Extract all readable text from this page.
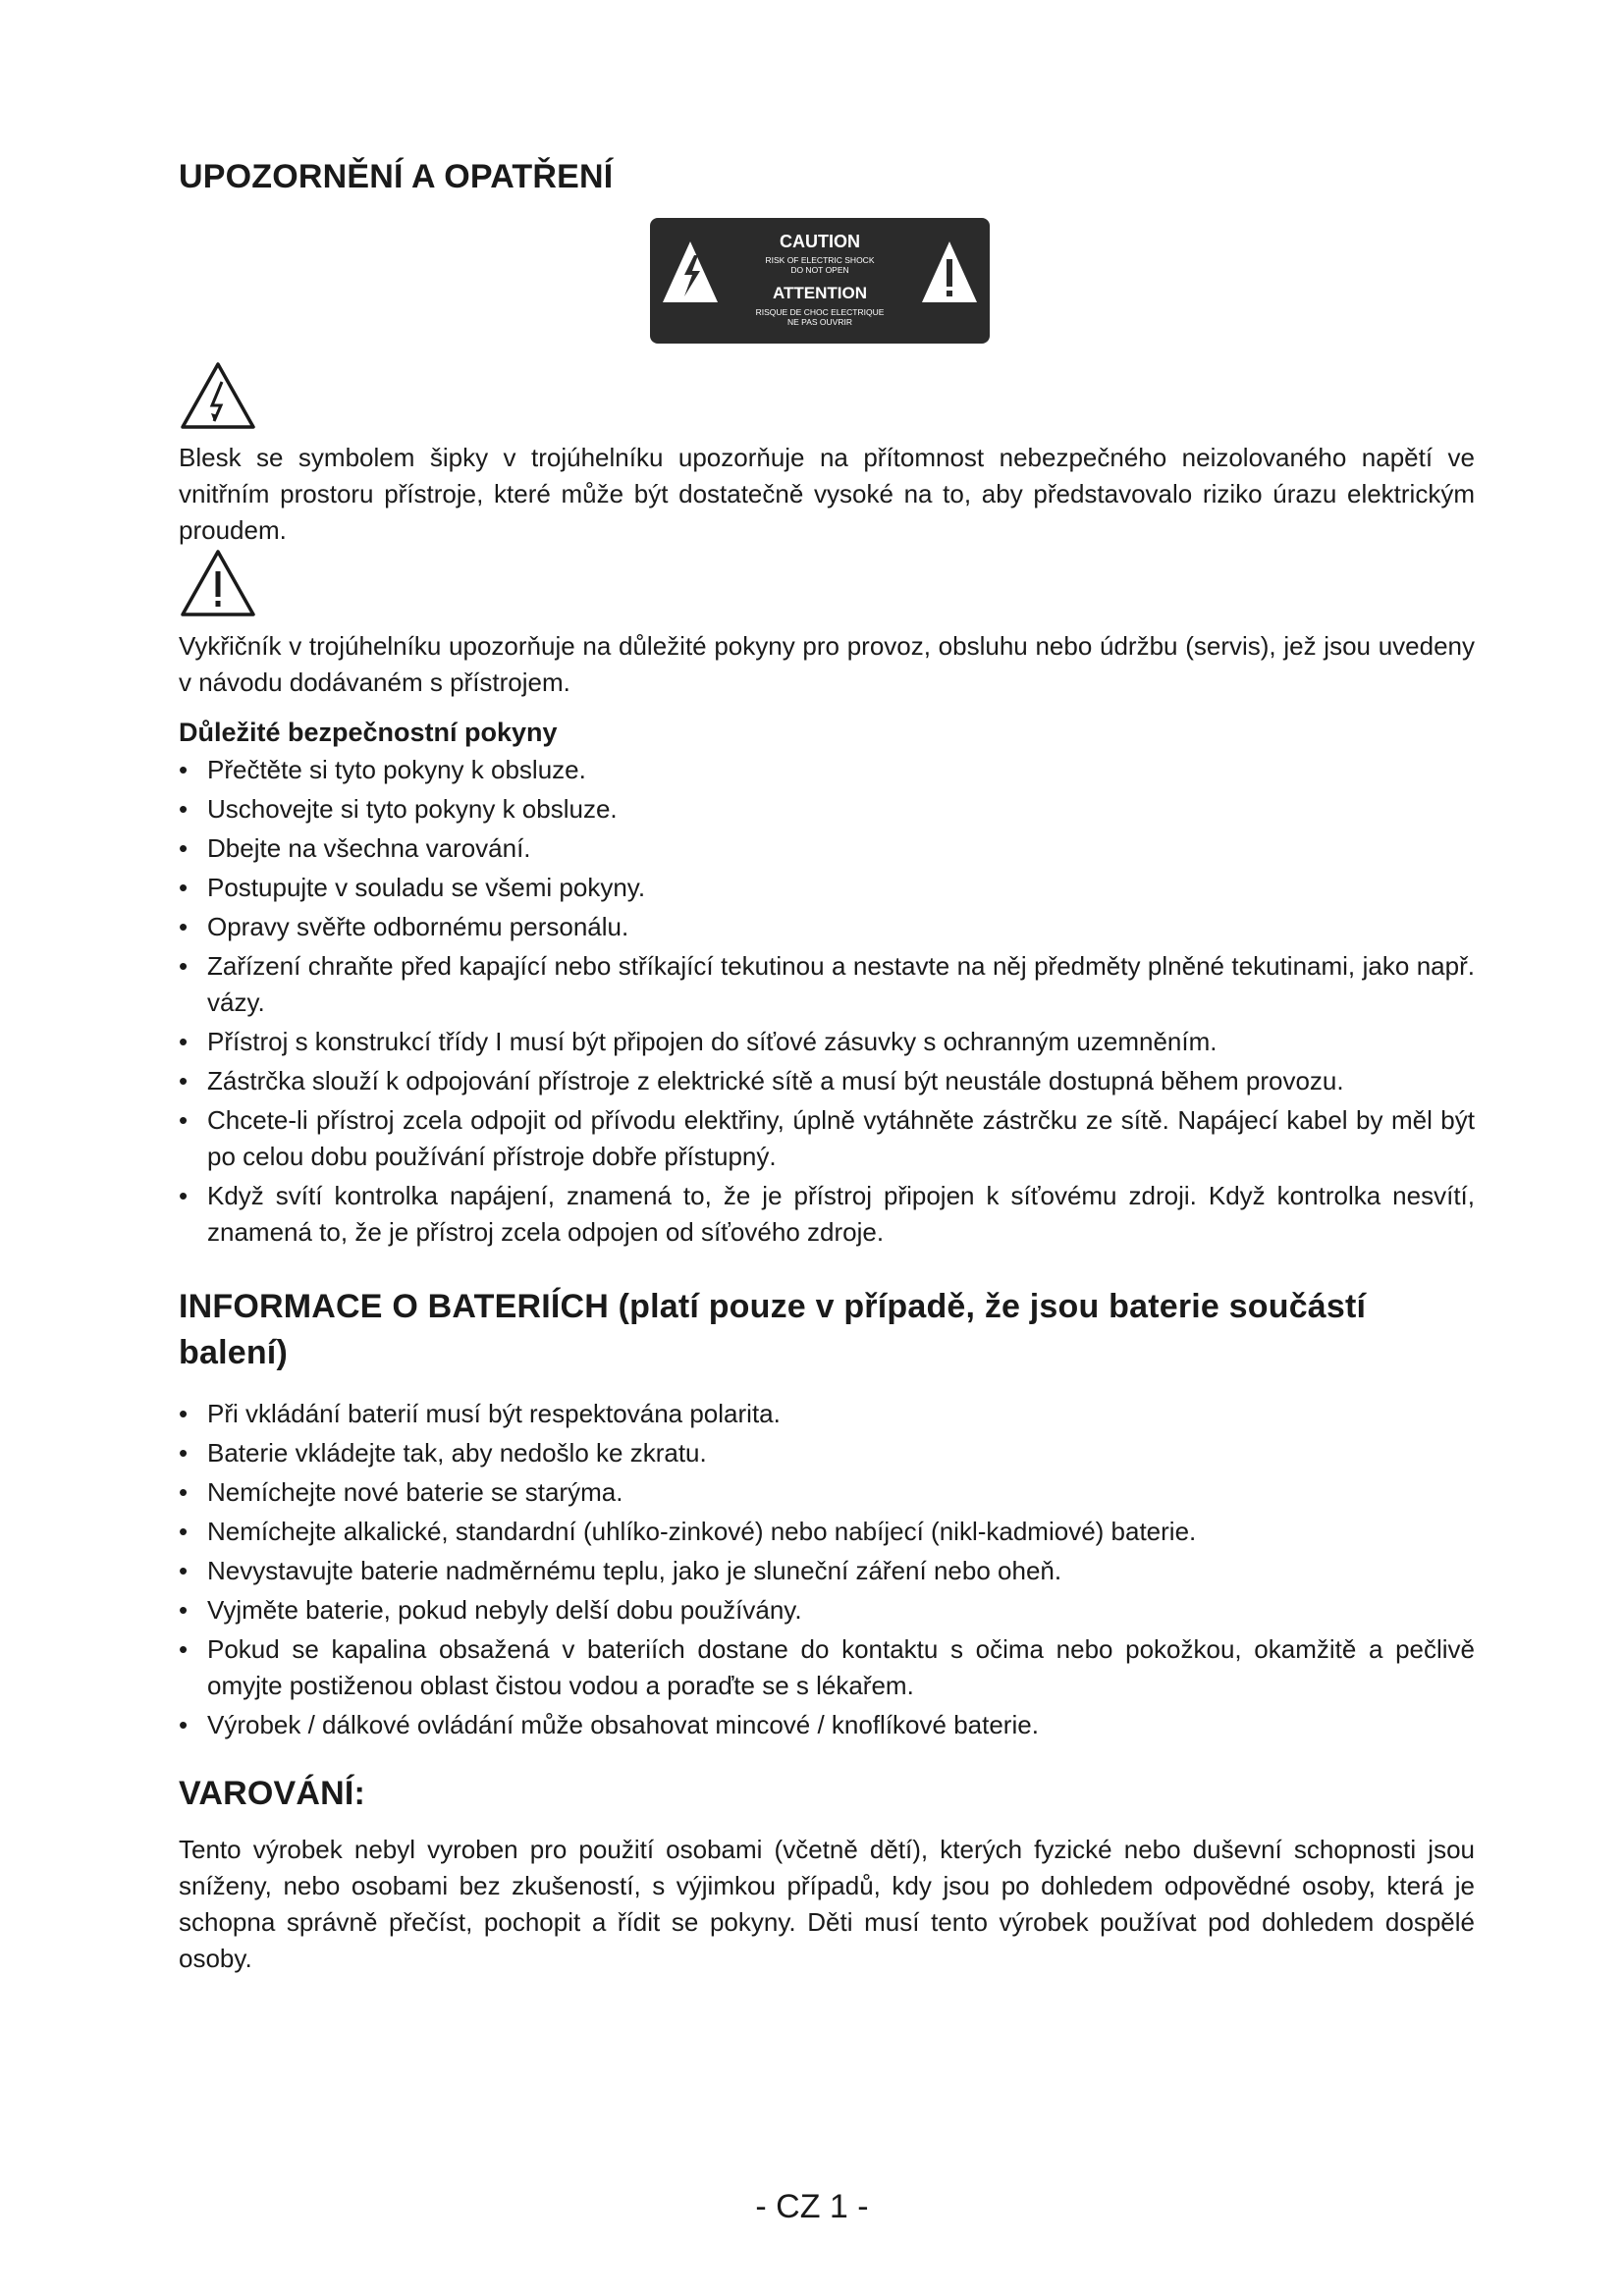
UPOZORNĚNÍ A OPATŘENÍ
CAUTION
RISK OF ELECTRIC SHOCK
DO NOT OPEN
ATTENTION
RISQUE DE CHOC ELECTRIQUE
NE PAS OUVRIR

Blesk se symbolem šipky v trojúhelníku upozorňuje na přítomnost nebezpečného neizolovaného napětí ve vnitřním prostoru přístroje, které může být dostatečně vysoké na to, aby představovalo riziko úrazu elektrickým proudem.

Vykřičník v trojúhelníku upozorňuje na důležité pokyny pro provoz, obsluhu nebo údržbu (servis), jež jsou uvedeny v návodu dodávaném s přístrojem.

Důležité bezpečnostní pokyny
• Přečtěte si tyto pokyny k obsluze.
• Uschovejte si tyto pokyny k obsluze.
• Dbejte na všechna varování.
• Postupujte v souladu se všemi pokyny.
• Opravy svěřte odbornému personálu.
• Zařízení chraňte před kapající nebo stříkající tekutinou a nestavte na něj předměty plněné tekutinami, jako např. vázy.
• Přístroj s konstrukcí třídy I musí být připojen do síťové zásuvky s ochranným uzemněním.
• Zástrčka slouží k odpojování přístroje z elektrické sítě a musí být neustále dostupná během provozu.
• Chcete-li přístroj zcela odpojit od přívodu elektřiny, úplně vytáhněte zástrčku ze sítě. Napájecí kabel by měl být po celou dobu používání přístroje dobře přístupný.
• Když svítí kontrolka napájení, znamená to, že je přístroj připojen k síťovému zdroji. Když kontrolka nesvítí, znamená to, že je přístroj zcela odpojen od síťového zdroje.
INFORMACE O BATERIÍCH (platí pouze v případě, že jsou baterie součástí balení)
• Při vkládání baterií musí být respektována polarita.
• Baterie vkládejte tak, aby nedošlo ke zkratu.
• Nemíchejte nové baterie se starýma.
• Nemíchejte alkalické, standardní (uhlíko-zinkové) nebo nabíjecí (nikl-kadmiové) baterie.
• Nevystavujte baterie nadměrnému teplu, jako je sluneční záření nebo oheň.
• Vyjměte baterie, pokud nebyly delší dobu používány.
• Pokud se kapalina obsažená v bateriích dostane do kontaktu s očima nebo pokožkou, okamžitě a pečlivě omyjte postiženou oblast čistou vodou a poraďte se s lékařem.
• Výrobek / dálkové ovládání může obsahovat mincové / knoflíkové baterie.
VAROVÁNÍ:

Tento výrobek nebyl vyroben pro použití osobami (včetně dětí), kterých fyzické nebo duševní schopnosti jsou sníženy, nebo osobami bez zkušeností, s výjimkou případů, kdy jsou po dohledem odpovědné osoby, která je schopna správně přečíst, pochopit a řídit se pokyny. Děti musí tento výrobek používat pod dohledem dospělé osoby.

- CZ 1 -
